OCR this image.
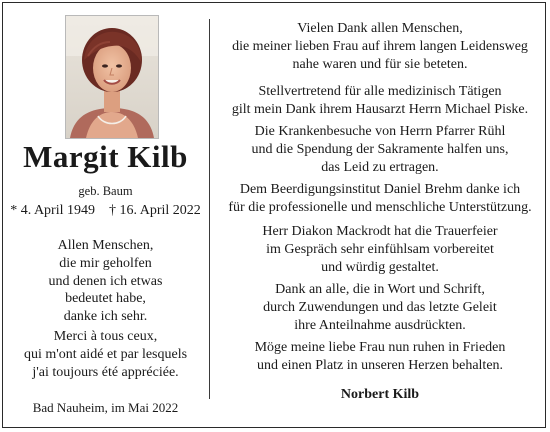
Margit Kilb
geb. Baum
* 4. April 1949 † 16. April 2022
Allen Menschen,
die mir geholfen
und denen ich etwas
bedeutet habe,
danke ich sehr.
Merci à tous ceux,
qui m'ont aidé et par lesquels
j'ai toujours été appréciée.
Bad Nauheim, im Mai 2022
Vielen Dank allen Menschen,
die meiner lieben Frau auf ihrem langen Leidensweg
nahe waren und für sie beteten.
Stellvertretend für alle medizinisch Tätigen
gilt mein Dank ihrem Hausarzt Herrn Michael Piske.
Die Krankenbesuche von Herrn Pfarrer Rühl
und die Spendung der Sakramente halfen uns,
das Leid zu ertragen.
Dem Beerdigungsinstitut Daniel Brehm danke ich
für die professionelle und menschliche Unterstützung.
Herr Diakon Mackrodt hat die Trauerfeier
im Gespräch sehr einfühlsam vorbereitet
und würdig gestaltet.
Dank an alle, die in Wort und Schrift,
durch Zuwendungen und das letzte Geleit
ihre Anteilnahme ausdrückten.
Möge meine liebe Frau nun ruhen in Frieden
und einen Platz in unseren Herzen behalten.
Norbert Kilb
